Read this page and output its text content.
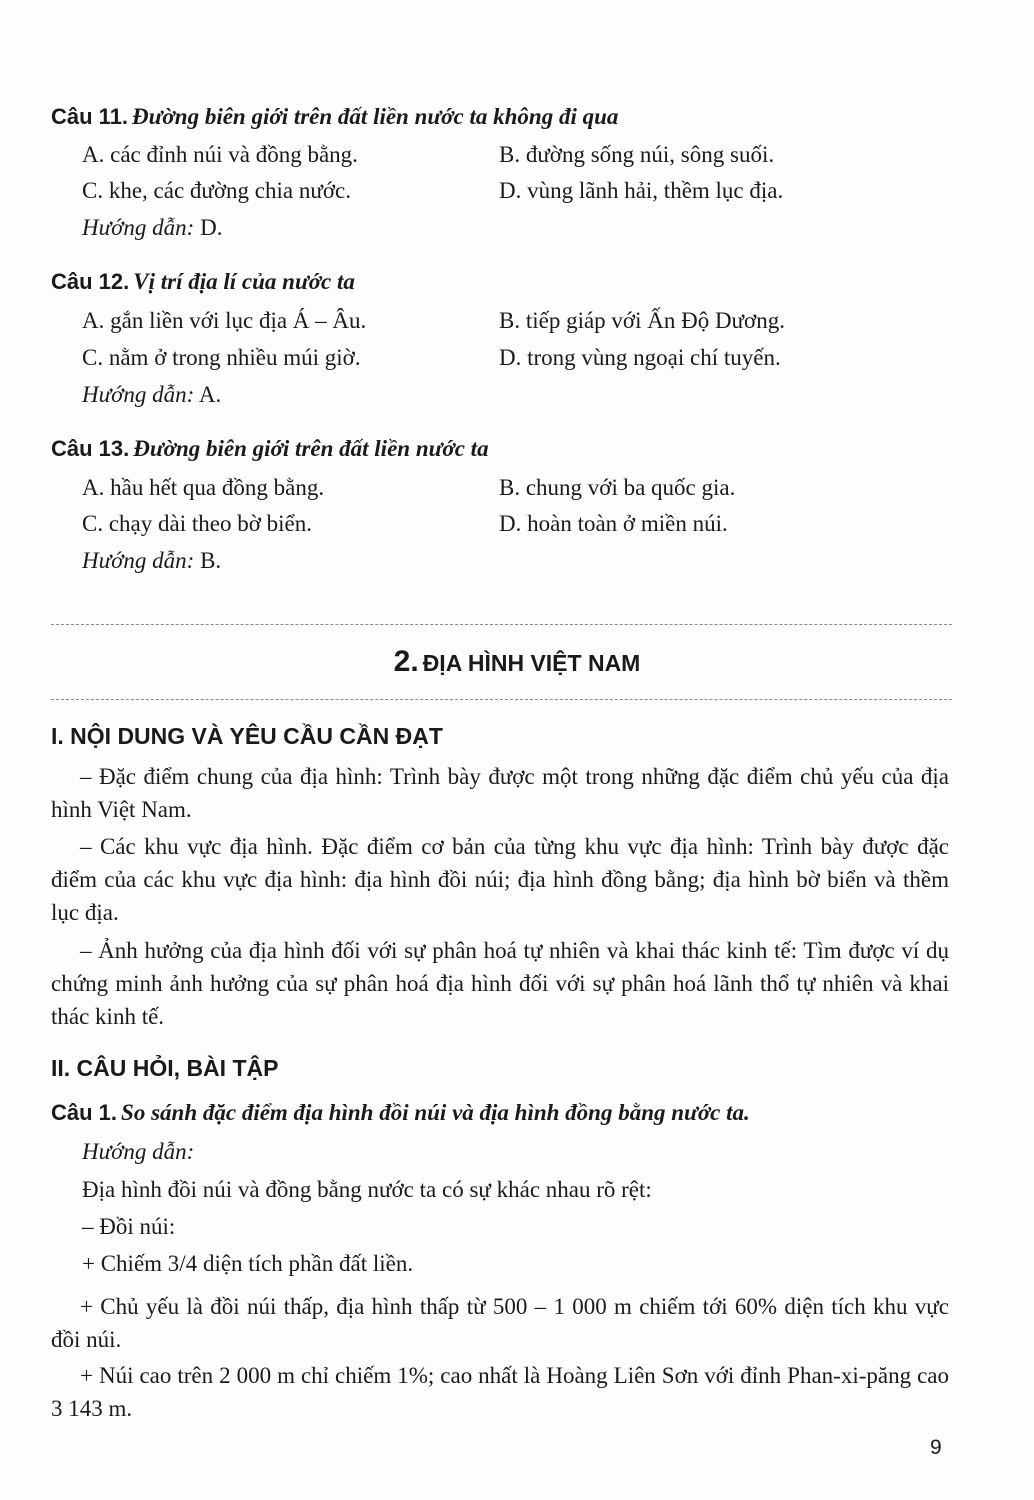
Câu 11. Đường biên giới trên đất liền nước ta không đi qua
A. các đỉnh núi và đồng bằng.	B. đường sống núi, sông suối.
C. khe, các đường chia nước.	D. vùng lãnh hải, thềm lục địa.
Hướng dẫn: D.
Câu 12. Vị trí địa lí của nước ta
A. gắn liền với lục địa Á – Âu.	B. tiếp giáp với Ấn Độ Dương.
C. nằm ở trong nhiều múi giờ.	D. trong vùng ngoại chí tuyến.
Hướng dẫn: A.
Câu 13. Đường biên giới trên đất liền nước ta
A. hầu hết qua đồng bằng.	B. chung với ba quốc gia.
C. chạy dài theo bờ biển.	D. hoàn toàn ở miền núi.
Hướng dẫn: B.
2. ĐỊA HÌNH VIỆT NAM
I. NỘI DUNG VÀ YÊU CẦU CẦN ĐẠT
– Đặc điểm chung của địa hình: Trình bày được một trong những đặc điểm chủ yếu của địa hình Việt Nam.
– Các khu vực địa hình. Đặc điểm cơ bản của từng khu vực địa hình: Trình bày được đặc điểm của các khu vực địa hình: địa hình đồi núi; địa hình đồng bằng; địa hình bờ biển và thềm lục địa.
– Ảnh hưởng của địa hình đối với sự phân hoá tự nhiên và khai thác kinh tế: Tìm được ví dụ chứng minh ảnh hưởng của sự phân hoá địa hình đối với sự phân hoá lãnh thổ tự nhiên và khai thác kinh tế.
II. CÂU HỎI, BÀI TẬP
Câu 1. So sánh đặc điểm địa hình đồi núi và địa hình đồng bằng nước ta.
Hướng dẫn:
Địa hình đồi núi và đồng bằng nước ta có sự khác nhau rõ rệt:
– Đồi núi:
+ Chiếm 3/4 diện tích phần đất liền.
+ Chủ yếu là đồi núi thấp, địa hình thấp từ 500 – 1 000 m chiếm tới 60% diện tích khu vực đồi núi.
+ Núi cao trên 2 000 m chỉ chiếm 1%; cao nhất là Hoàng Liên Sơn với đỉnh Phan-xi-păng cao 3 143 m.
9
